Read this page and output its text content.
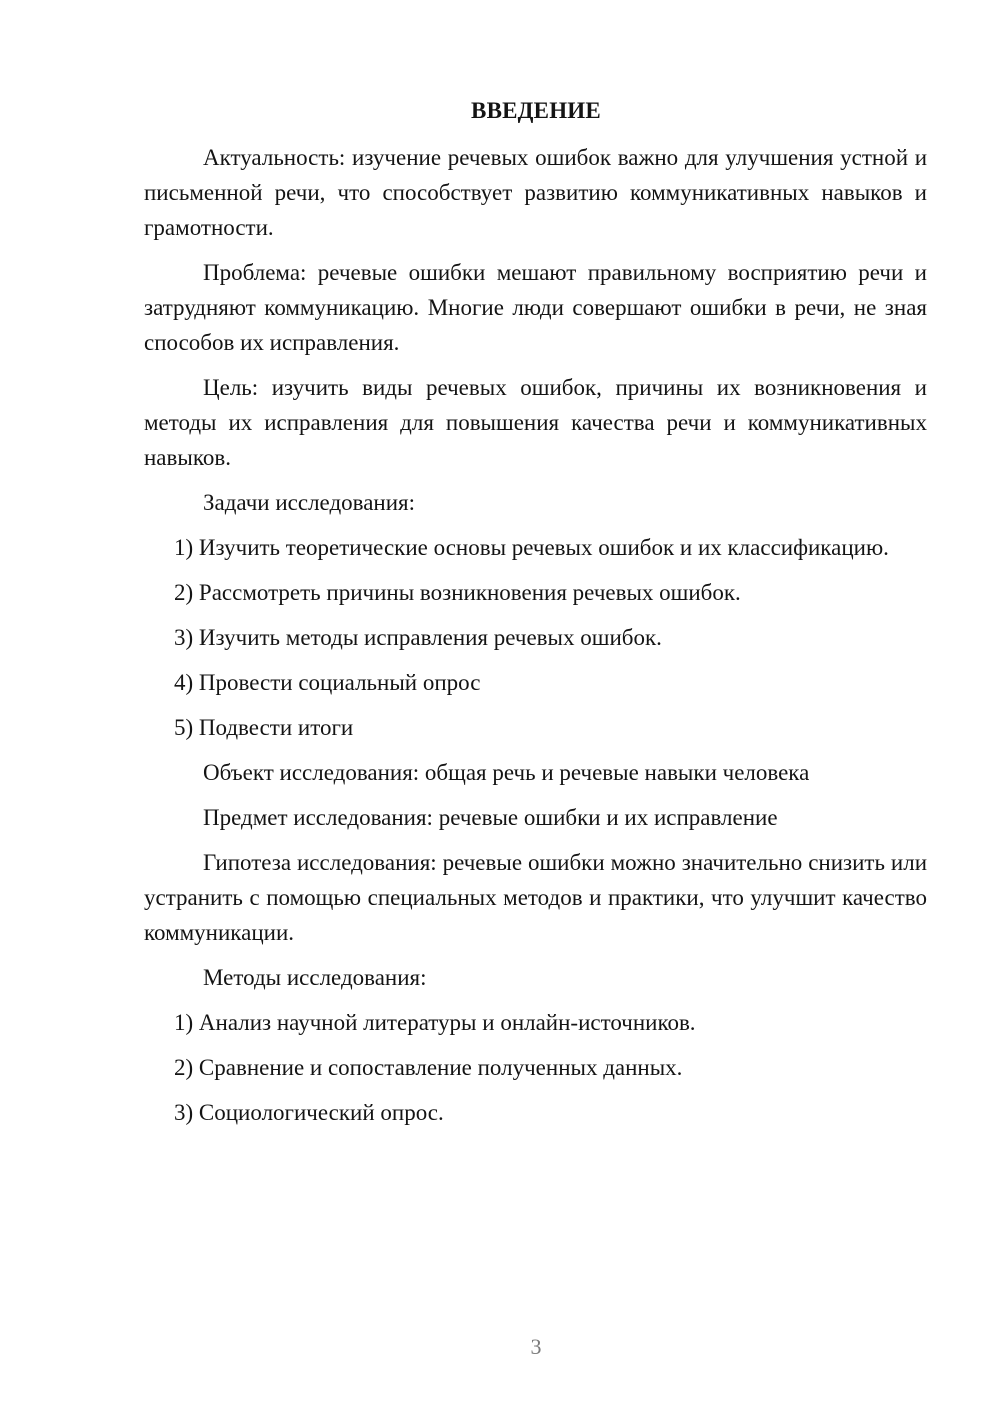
ВВЕДЕНИЕ

Актуальность: изучение речевых ошибок важно для улучшения устной и письменной речи, что способствует развитию коммуникативных навыков и грамотности.

Проблема: речевые ошибки мешают правильному восприятию речи и затрудняют коммуникацию. Многие люди совершают ошибки в речи, не зная способов их исправления.

Цель: изучить виды речевых ошибок, причины их возникновения и методы их исправления для повышения качества речи и коммуникативных навыков.

Задачи исследования:

1) Изучить теоретические основы речевых ошибок и их классификацию.

2) Рассмотреть причины возникновения речевых ошибок.

3) Изучить методы исправления речевых ошибок.

4) Провести социальный опрос

5) Подвести итоги

Объект исследования: общая речь и речевые навыки человека

Предмет исследования: речевые ошибки и их исправление

Гипотеза исследования: речевые ошибки можно значительно снизить или устранить с помощью специальных методов и практики, что улучшит качество коммуникации.

Методы исследования:

1) Анализ научной литературы и онлайн-источников.

2) Сравнение и сопоставление полученных данных.

3) Социологический опрос.

3
